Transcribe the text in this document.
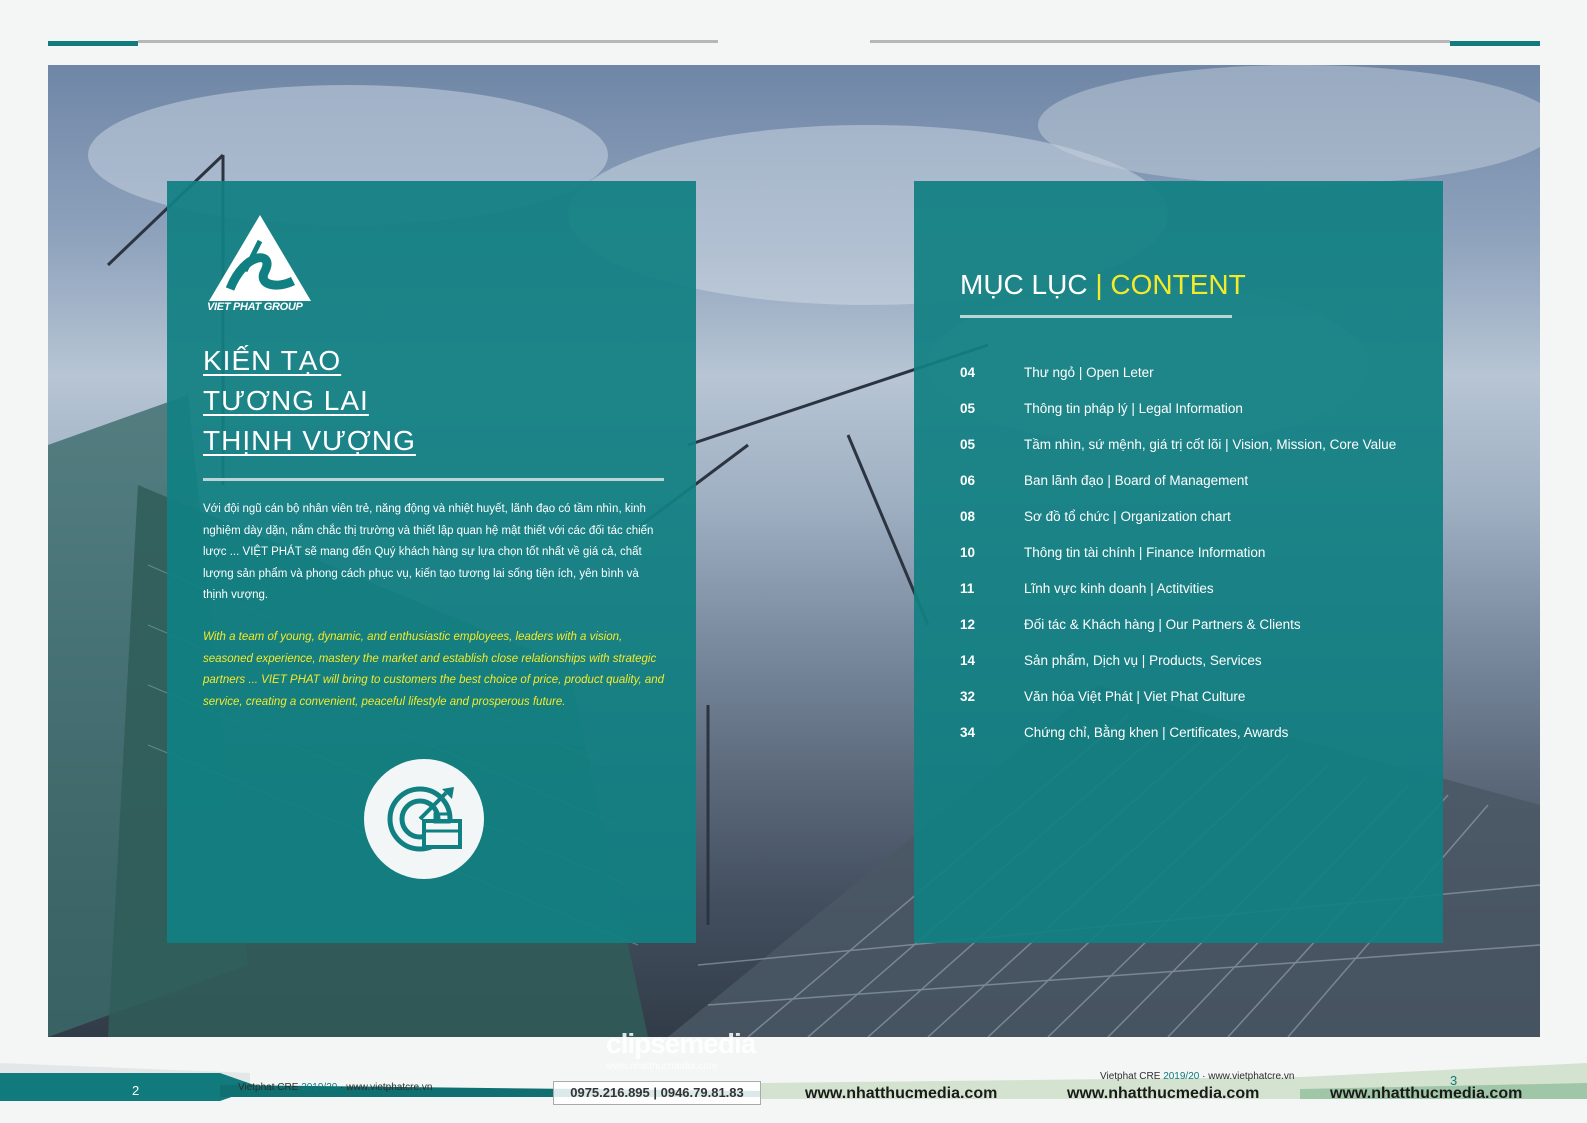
VIET PHAT GROUP
KIẾN TẠO
TƯƠNG LAI
THỊNH VƯỢNG

Với đội ngũ cán bộ nhân viên trẻ, năng động và nhiệt huyết, lãnh đạo có tầm nhìn, kinh nghiệm dày dặn, nắm chắc thị trường và thiết lập quan hệ mật thiết với các đối tác chiến lược ... VIỆT PHÁT sẽ mang đến Quý khách hàng sự lựa chọn tốt nhất về giá cả, chất lượng sản phẩm và phong cách phục vụ, kiến tạo tương lai sống tiện ích, yên bình và thịnh vượng.

With a team of young, dynamic, and enthusiastic employees, leaders with a vision, seasoned experience, mastery the market and establish close relationships with strategic partners ... VIET PHAT will bring to customers the best choice of price, product quality, and service, creating a convenient, peaceful lifestyle and prosperous future.

MỤC LỤC | CONTENT
04	Thư ngỏ | Open Leter
05	Thông tin pháp lý | Legal Information
05	Tầm nhìn, sứ mệnh, giá trị cốt lõi | Vision, Mission, Core Value
06	Ban lãnh đạo | Board of Management
08	Sơ đồ tổ chức | Organization chart
10	Thông tin tài chính | Finance Information
11	Lĩnh vực kinh doanh | Actitvities
12	Đối tác & Khách hàng | Our Partners & Clients
14	Sản phẩm, Dịch vụ | Products, Services
32	Văn hóa Việt Phát | Viet Phat Culture
34	Chứng chỉ, Bằng khen | Certificates, Awards
2	Vietphat CRE 2019/20 · www.vietphatcre.vn
Vietphat CRE 2019/20 · www.vietphatcre.vn	3
clipsemedia
www.nhatthucmedia.com
0975.216.895 | 0946.79.81.83	www.nhatthucmedia.com	www.nhatthucmedia.com	www.nhatthucmedia.com
